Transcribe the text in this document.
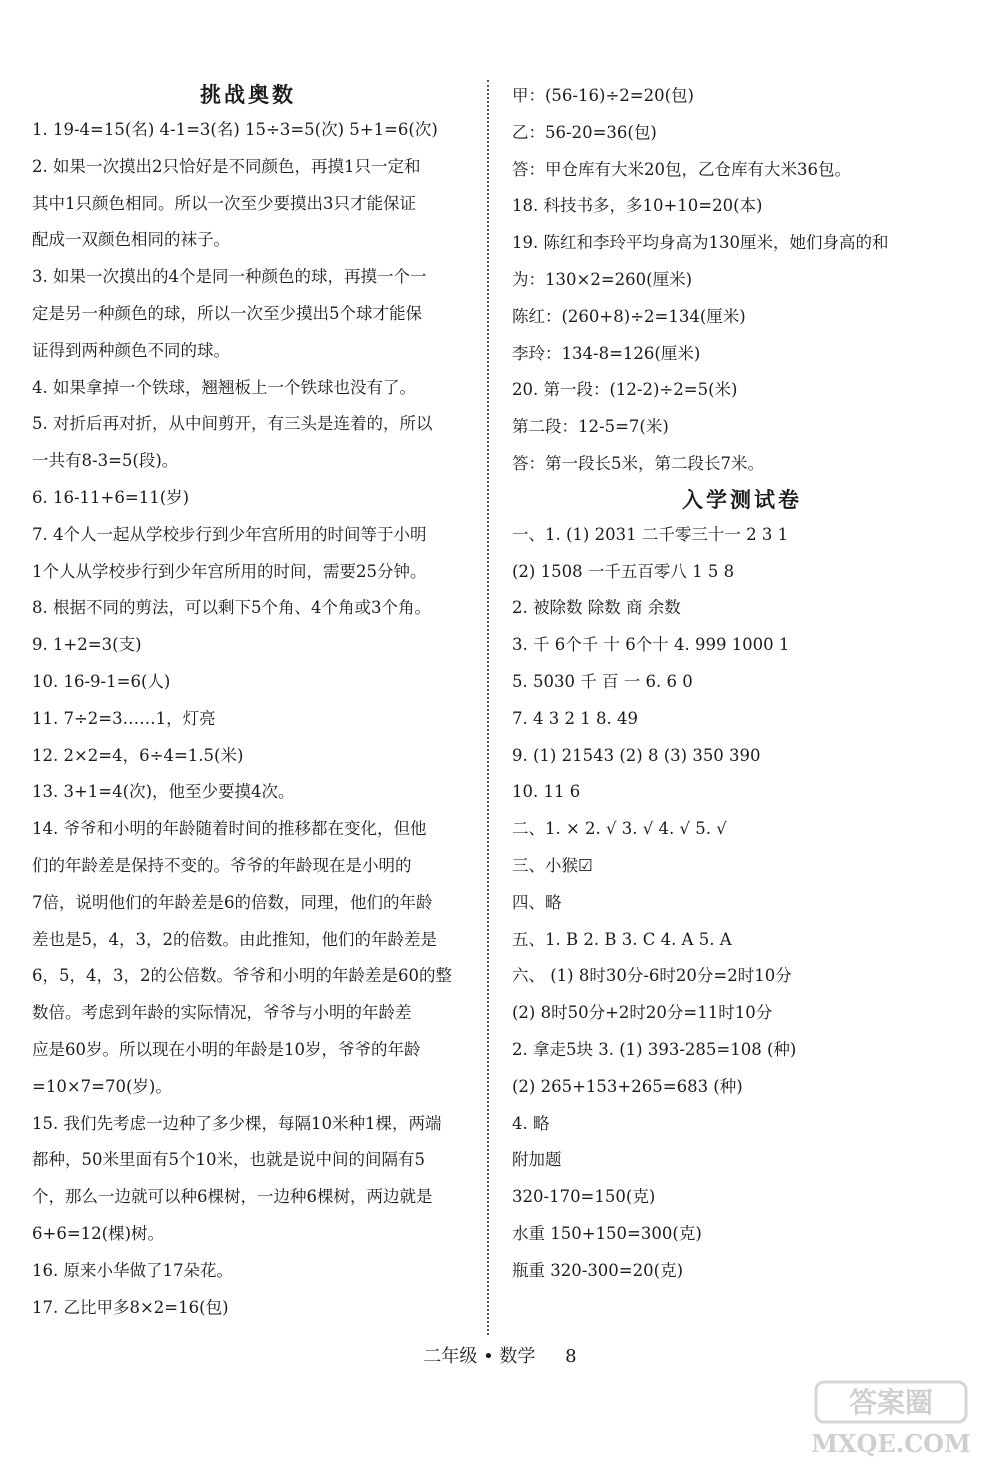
挑战奥数
1. 19-4=15(名) 4-1=3(名) 15÷3=5(次) 5+1=6(次)
2. 如果一次摸出2只恰好是不同颜色，再摸1只一定和
其中1只颜色相同。所以一次至少要摸出3只才能保证
配成一双颜色相同的袜子。
3. 如果一次摸出的4个是同一种颜色的球，再摸一个一
定是另一种颜色的球，所以一次至少摸出5个球才能保
证得到两种颜色不同的球。
4. 如果拿掉一个铁球，翘翘板上一个铁球也没有了。
5. 对折后再对折，从中间剪开，有三头是连着的，所以
一共有8-3=5(段)。
6. 16-11+6=11(岁)
7. 4个人一起从学校步行到少年宫所用的时间等于小明
1个人从学校步行到少年宫所用的时间，需要25分钟。
8. 根据不同的剪法，可以剩下5个角、4个角或3个角。
9. 1+2=3(支)
10. 16-9-1=6(人)
11. 7÷2=3……1，灯亮
12. 2×2=4，6÷4=1.5(米)
13. 3+1=4(次)，他至少要摸4次。
14. 爷爷和小明的年龄随着时间的推移都在变化，但他
们的年龄差是保持不变的。爷爷的年龄现在是小明的
7倍，说明他们的年龄差是6的倍数，同理，他们的年龄
差也是5，4，3，2的倍数。由此推知，他们的年龄差是
6，5，4，3，2的公倍数。爷爷和小明的年龄差是60的整
数倍。考虑到年龄的实际情况，爷爷与小明的年龄差
应是60岁。所以现在小明的年龄是10岁，爷爷的年龄
=10×7=70(岁)。
15. 我们先考虑一边种了多少棵，每隔10米种1棵，两端
都种，50米里面有5个10米，也就是说中间的间隔有5
个，那么一边就可以种6棵树，一边种6棵树，两边就是
6+6=12(棵)树。
16. 原来小华做了17朵花。
17. 乙比甲多8×2=16(包)
甲：(56-16)÷2=20(包)
乙：56-20=36(包)
答：甲仓库有大米20包，乙仓库有大米36包。
18. 科技书多，多10+10=20(本)
19. 陈红和李玲平均身高为130厘米，她们身高的和
为：130×2=260(厘米)
陈红：(260+8)÷2=134(厘米)
李玲：134-8=126(厘米)
20. 第一段：(12-2)÷2=5(米)
第二段：12-5=7(米)
答：第一段长5米，第二段长7米。
入学测试卷
一、1. (1) 2031 二千零三十一 2 3 1
(2) 1508 一千五百零八 1 5 8
2. 被除数 除数 商 余数
3. 千 6个千 十 6个十 4. 999 1000 1
5. 5030 千 百 一 6. 6 0
7. 4 3 2 1 8. 49
9. (1) 21543 (2) 8 (3) 350 390
10. 11 6
二、1. × 2. √ 3. √ 4. √ 5. √
三、小猴☑
四、略
五、1. B 2. B 3. C 4. A 5. A
六、 (1) 8时30分-6时20分=2时10分
(2) 8时50分+2时20分=11时10分
2. 拿走5块 3. (1) 393-285=108 (种)
(2) 265+153+265=683 (种)
4. 略
附加题
320-170=150(克)
水重 150+150=300(克)
瓶重 320-300=20(克)
二年级 • 数学 8
答案圈
MXQE.COM
